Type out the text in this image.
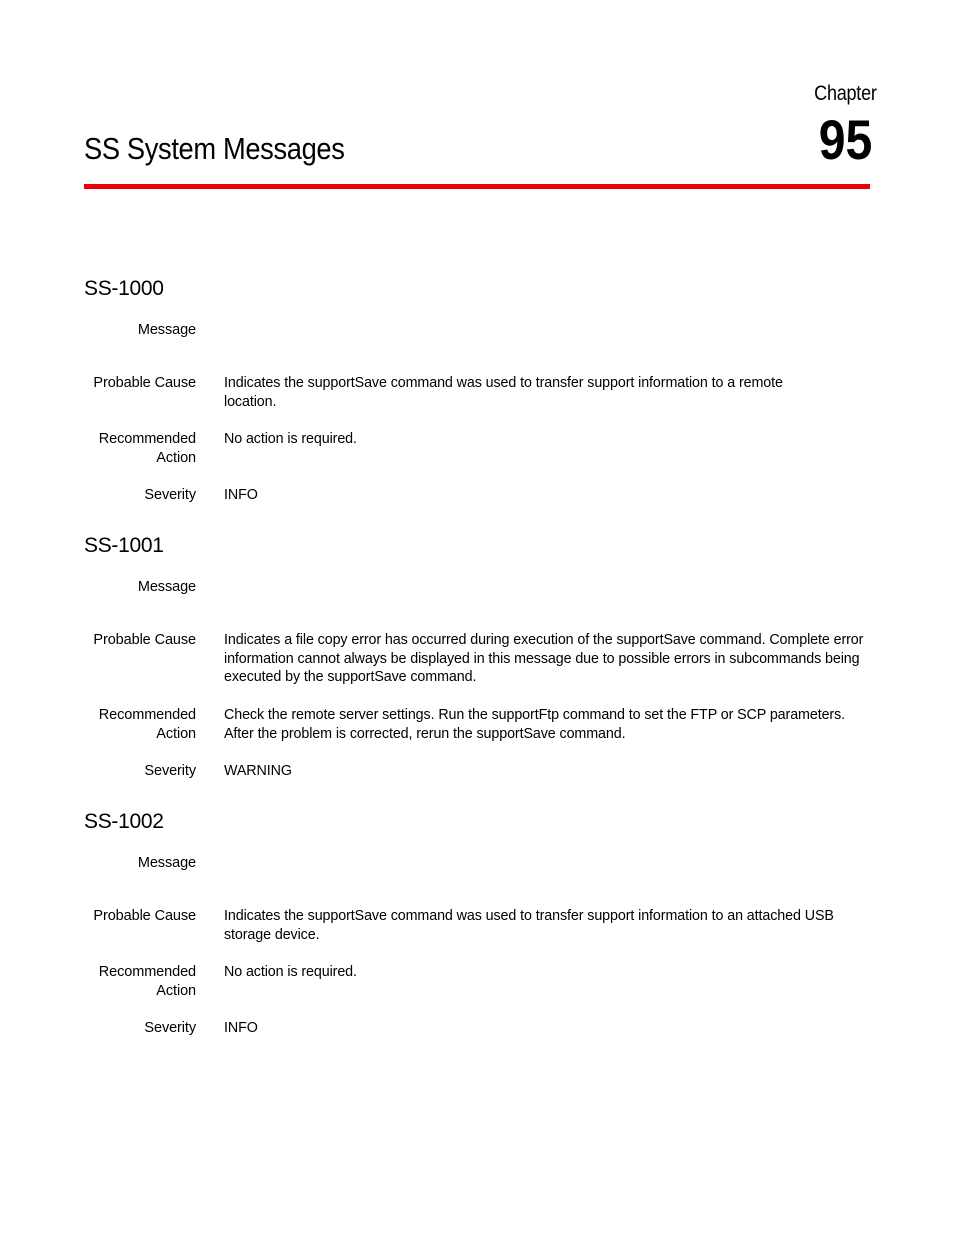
Chapter
95
SS System Messages
SS-1000
Message
Probable Cause Indicates the supportSave command was used to transfer support information to a remote location.
Recommended
Action
No action is required.
Severity INFO
SS-1001
Message
Probable Cause Indicates a file copy error has occurred during execution of the supportSave command. Complete error information cannot always be displayed in this message due to possible errors in subcommands being executed by the supportSave command.
Recommended
Action
Check the remote server settings. Run the supportFtp command to set the FTP or SCP parameters. After the problem is corrected, rerun the supportSave command.
Severity WARNING
SS-1002
Message
Probable Cause Indicates the supportSave command was used to transfer support information to an attached USB storage device.
Recommended
Action
No action is required.
Severity INFO
